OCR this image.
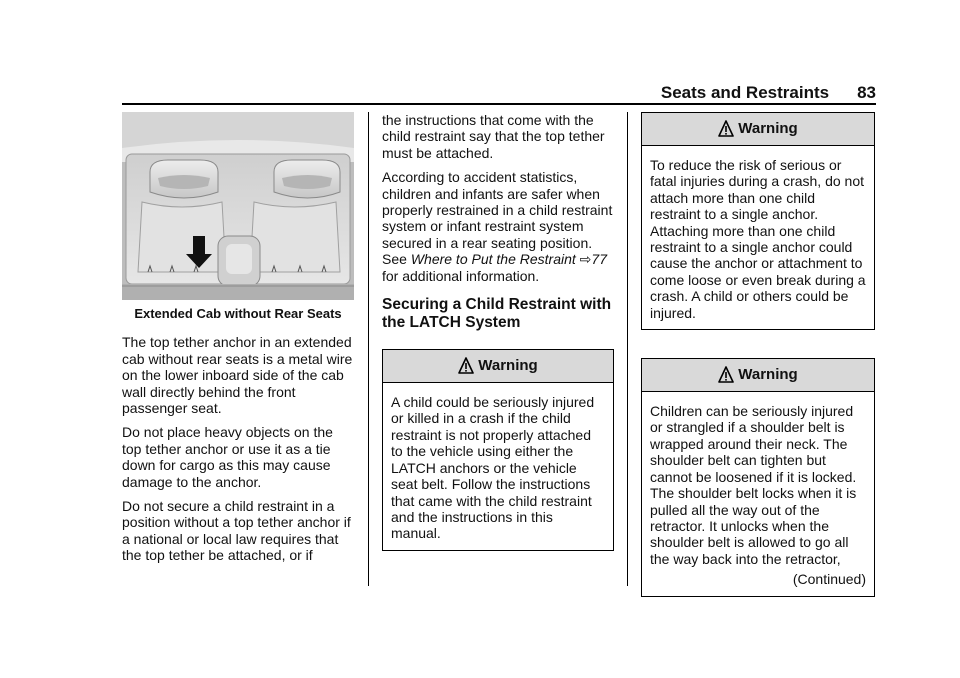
Seats and Restraints 83
Extended Cab without Rear Seats

The top tether anchor in an extended cab without rear seats is a metal wire on the lower inboard side of the cab wall directly behind the front passenger seat.

Do not place heavy objects on the top tether anchor or use it as a tie down for cargo as this may cause damage to the anchor.

Do not secure a child restraint in a position without a top tether anchor if a national or local law requires that the top tether be attached, or if

the instructions that come with the child restraint say that the top tether must be attached.

According to accident statistics, children and infants are safer when properly restrained in a child restraint system or infant restraint system secured in a rear seating position. See Where to Put the Restraint ⇨77 for additional information.

Securing a Child Restraint with the LATCH System
Warning
A child could be seriously injured or killed in a crash if the child restraint is not properly attached to the vehicle using either the LATCH anchors or the vehicle seat belt. Follow the instructions that came with the child restraint and the instructions in this manual.
Warning
To reduce the risk of serious or fatal injuries during a crash, do not attach more than one child restraint to a single anchor. Attaching more than one child restraint to a single anchor could cause the anchor or attachment to come loose or even break during a crash. A child or others could be injured.
Warning
Children can be seriously injured or strangled if a shoulder belt is wrapped around their neck. The shoulder belt can tighten but cannot be loosened if it is locked. The shoulder belt locks when it is pulled all the way out of the retractor. It unlocks when the shoulder belt is allowed to go all the way back into the retractor,
(Continued)
